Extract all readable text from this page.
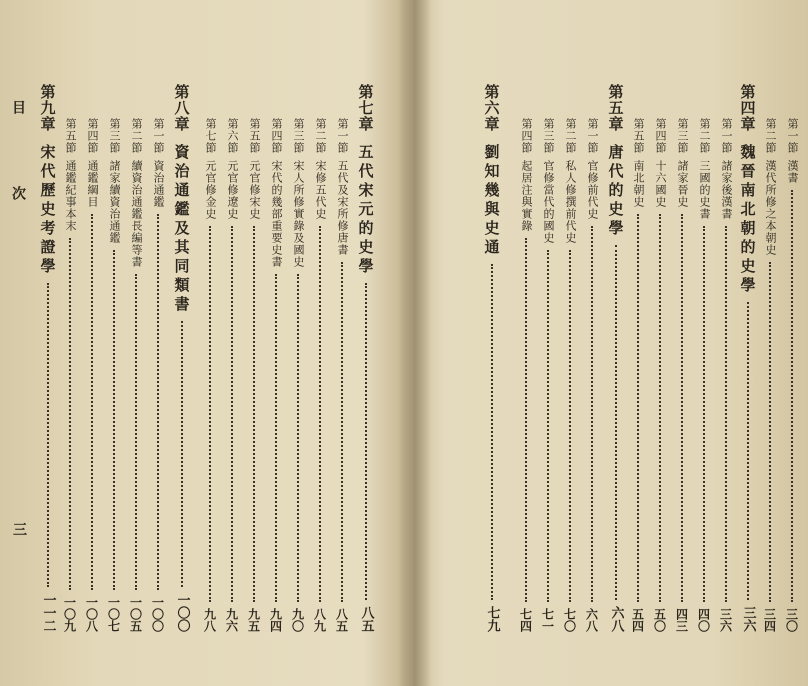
第一節
漢書
三〇
第二節
漢代所修之本朝史
三四
第四章
魏晉南北朝的史學
三六
第一節
諸家後漢書
三六
第二節
三國的史書
四〇
第三節
諸家晉史
四三
第四節
十六國史
五〇
第五節
南北朝史
五四
第五章
唐代的史學
六八
第一節
官修前代史
六八
第二節
私人修撰前代史
七〇
第三節
官修當代的國史
七一
第四節
起居注與實錄
七四
第六章
劉知幾與史通
七九
目
次
三
第七章
五代宋元的史學
八五
第一節
五代及宋所修唐書
八五
第二節
宋修五代史
八九
第三節
宋人所修實錄及國史
九〇
第四節
宋代的幾部重要史書
九四
第五節
元官修宋史
九五
第六節
元官修遼史
九六
第七節
元官修金史
九八
第八章
資治通鑑及其同類書
一〇〇
第一節
資治通鑑
一〇〇
第二節
續資治通鑑長編等書
一〇五
第三節
諸家續資治通鑑
一〇七
第四節
通鑑綱目
一〇八
第五節
通鑑紀事本末
一〇九
第九章
宋代歷史考證學
一一二
